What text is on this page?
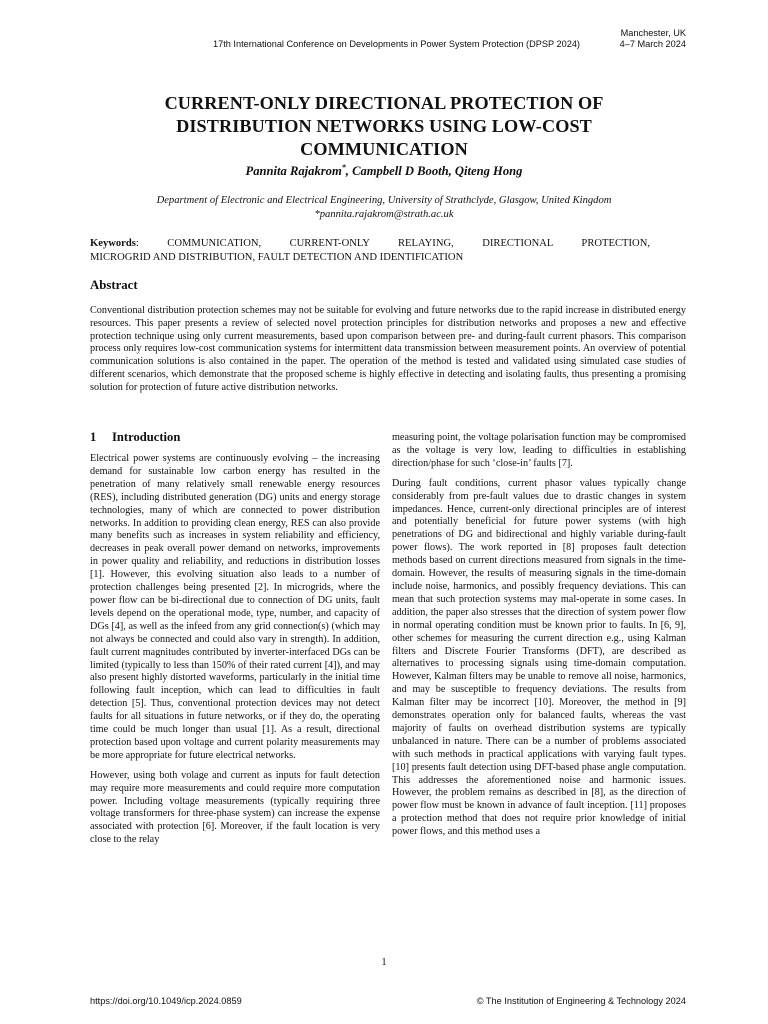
17th International Conference on Developments in Power System Protection (DPSP 2024)
Manchester, UK
4–7 March 2024
CURRENT-ONLY DIRECTIONAL PROTECTION OF
DISTRIBUTION NETWORKS USING LOW-COST
COMMUNICATION
Pannita Rajakrom*, Campbell D Booth, Qiteng Hong
Department of Electronic and Electrical Engineering, University of Strathclyde, Glasgow, United Kingdom
*pannita.rajakrom@strath.ac.uk
Keywords: COMMUNICATION, CURRENT-ONLY RELAYING, DIRECTIONAL PROTECTION,
MICROGRID AND DISTRIBUTION, FAULT DETECTION AND IDENTIFICATION
Abstract
Conventional distribution protection schemes may not be suitable for evolving and future networks due to the rapid increase in distributed energy resources. This paper presents a review of selected novel protection principles for distribution networks and proposes a new and effective protection technique using only current measurements, based upon comparison between pre- and during-fault current phasors. This comparison process only requires low-cost communication systems for intermittent data transmission between measurement points. An overview of potential communication solutions is also contained in the paper. The operation of the method is tested and validated using simulated case studies of different scenarios, which demonstrate that the proposed scheme is highly effective in detecting and isolating faults, thus presenting a promising solution for protection of future active distribution networks.
1 Introduction

Electrical power systems are continuously evolving – the increasing demand for sustainable low carbon energy has resulted in the penetration of many relatively small renewable energy resources (RES), including distributed generation (DG) units and energy storage technologies, many of which are connected to power distribution networks. In addition to providing clean energy, RES can also provide many benefits such as increases in system reliability and efficiency, decreases in peak overall power demand on networks, improvements in power quality and reliability, and reductions in distribution losses [1]. However, this evolving situation also leads to a number of protection challenges being presented [2]. In microgrids, where the power flow can be bi-directional due to connection of DG units, fault levels depend on the operational mode, type, number, and capacity of DGs [4], as well as the infeed from any grid connection(s) (which may not always be connected and could also vary in strength). In addition, fault current magnitudes contributed by inverter-interfaced DGs can be limited (typically to less than 150% of their rated current [4]), and may also present highly distorted waveforms, particularly in the initial time following fault inception, which can lead to difficulties in fault detection [5]. Thus, conventional protection devices may not detect faults for all situations in future networks, or if they do, the operating time could be much longer than usual [1]. As a result, directional protection based upon voltage and current polarity measurements may be more appropriate for future electrical networks.

However, using both volage and current as inputs for fault detection may require more measurements and could require more computation power. Including voltage measurements (typically requiring three voltage transformers for three-phase system) can increase the expense associated with protection [6]. Moreover, if the fault location is very close to the relay

measuring point, the voltage polarisation function may be compromised as the voltage is very low, leading to difficulties in establishing direction/phase for such ‘close-in’ faults [7].

During fault conditions, current phasor values typically change considerably from pre-fault values due to drastic changes in system impedances. Hence, current-only directional principles are of interest and potentially beneficial for future power systems (with high penetrations of DG and bidirectional and highly variable during-fault power flows). The work reported in [8] proposes fault detection methods based on current directions measured from signals in the time-domain. However, the results of measuring signals in the time-domain include noise, harmonics, and possibly frequency deviations. This can mean that such protection systems may mal-operate in some cases. In addition, the paper also stresses that the direction of system power flow in normal operating condition must be known prior to faults. In [6, 9], other schemes for measuring the current direction e.g., using Kalman filters and Discrete Fourier Transforms (DFT), are described as alternatives to processing signals using time-domain computation. However, Kalman filters may be unable to remove all noise, harmonics, and may be susceptible to frequency deviations. The results from Kalman filter may be incorrect [10]. Moreover, the method in [9] demonstrates operation only for balanced faults, whereas the vast majority of faults on overhead distribution systems are typically unbalanced in nature. There can be a number of problems associated with such methods in practical applications with varying fault types. [10] presents fault detection using DFT-based phase angle computation. This addresses the aforementioned noise and harmonic issues. However, the problem remains as described in [8], as the direction of power flow must be known in advance of fault inception. [11] proposes a protection method that does not require prior knowledge of initial power flows, and this method uses a

1
https://doi.org/10.1049/icp.2024.0859	© The Institution of Engineering & Technology 2024
